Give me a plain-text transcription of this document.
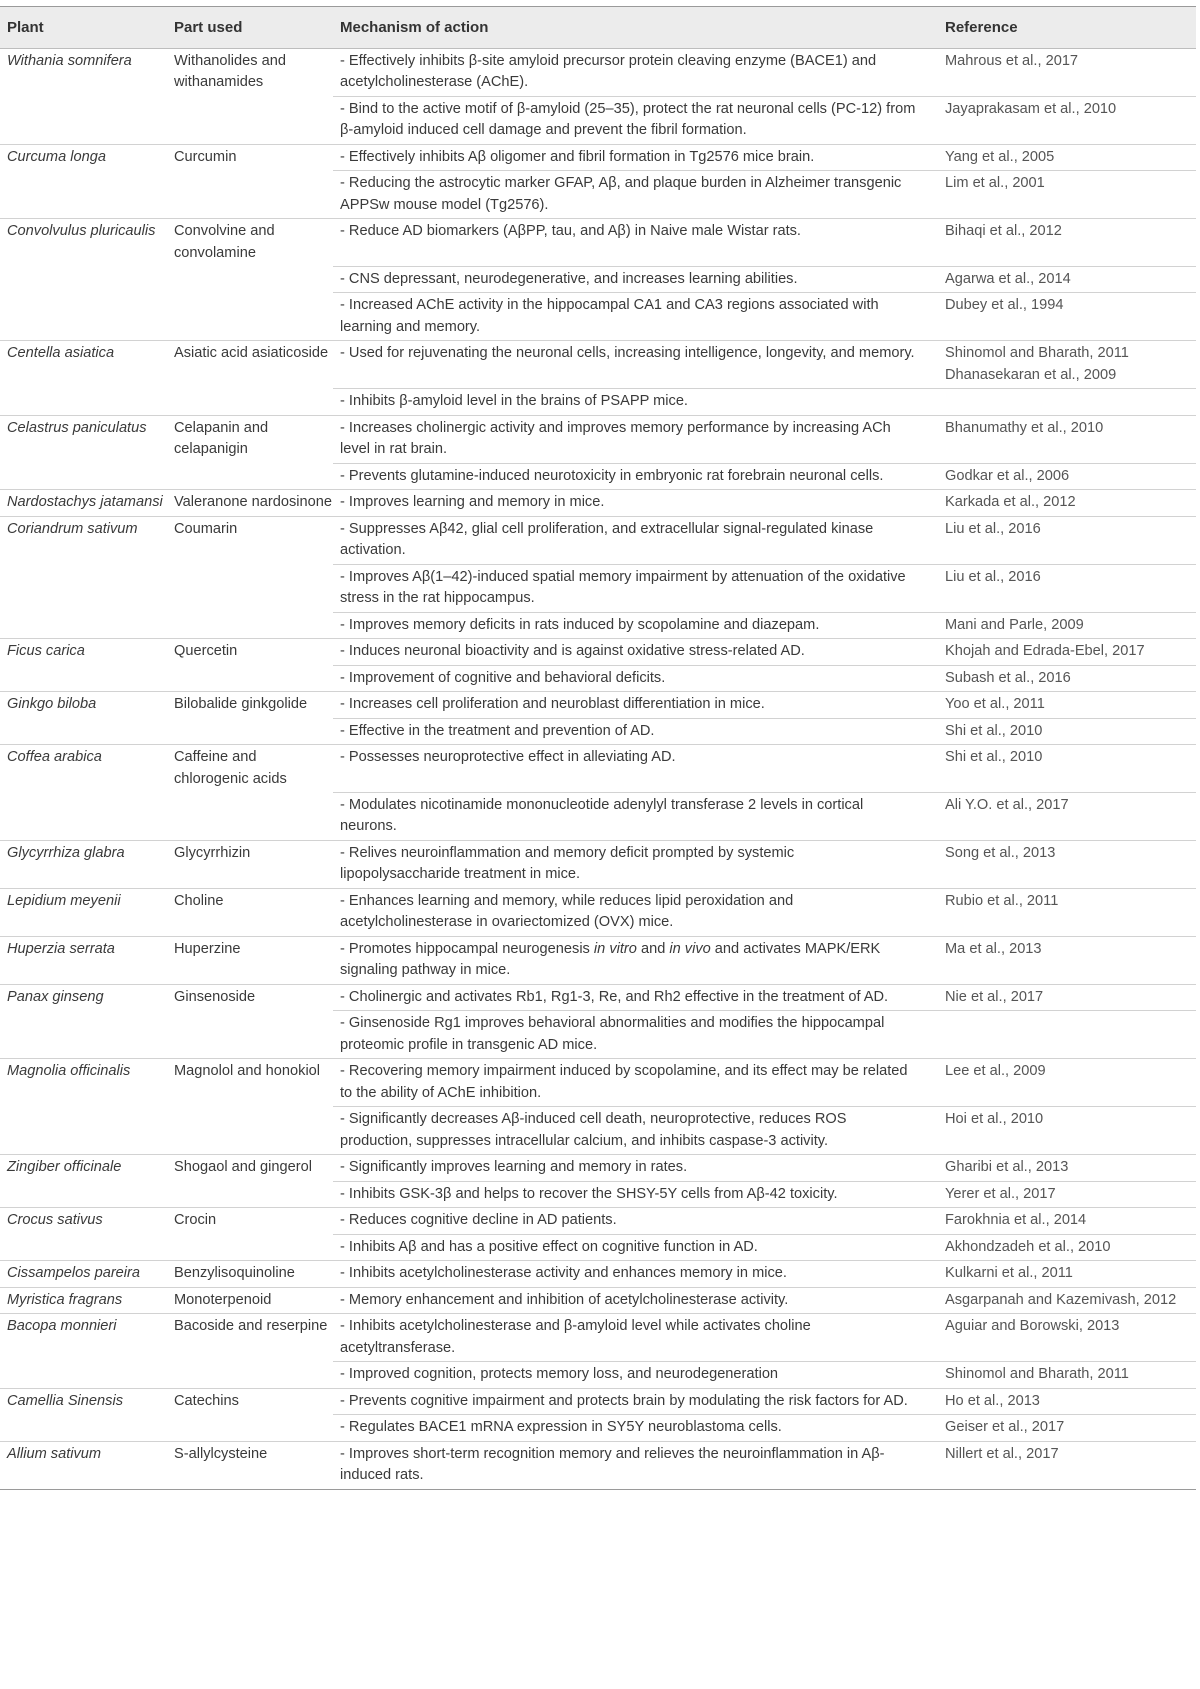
Plant	Part used	Mechanism of action	Reference
Withania somnifera	Withanolides and withanamides	- Effectively inhibits β-site amyloid precursor protein cleaving enzyme (BACE1) and acetylcholinesterase (AChE).	Mahrous et al., 2017
		- Bind to the active motif of β-amyloid (25–35), protect the rat neuronal cells (PC-12) from β-amyloid induced cell damage and prevent the fibril formation.	Jayaprakasam et al., 2010
Curcuma longa	Curcumin	- Effectively inhibits Aβ oligomer and fibril formation in Tg2576 mice brain.	Yang et al., 2005
		- Reducing the astrocytic marker GFAP, Aβ, and plaque burden in Alzheimer transgenic APPSw mouse model (Tg2576).	Lim et al., 2001
Convolvulus pluricaulis	Convolvine and convolamine	- Reduce AD biomarkers (AβPP, tau, and Aβ) in Naive male Wistar rats.	Bihaqi et al., 2012
		- CNS depressant, neurodegenerative, and increases learning abilities.	Agarwa et al., 2014
		- Increased AChE activity in the hippocampal CA1 and CA3 regions associated with learning and memory.	Dubey et al., 1994
Centella asiatica	Asiatic acid asiaticoside	- Used for rejuvenating the neuronal cells, increasing intelligence, longevity, and memory.	Shinomol and Bharath, 2011 Dhanasekaran et al., 2009
		- Inhibits β-amyloid level in the brains of PSAPP mice.	
Celastrus paniculatus	Celapanin and celapanigin	- Increases cholinergic activity and improves memory performance by increasing ACh level in rat brain.	Bhanumathy et al., 2010
		- Prevents glutamine-induced neurotoxicity in embryonic rat forebrain neuronal cells.	Godkar et al., 2006
Nardostachys jatamansi	Valeranone nardosinone	- Improves learning and memory in mice.	Karkada et al., 2012
Coriandrum sativum	Coumarin	- Suppresses Aβ42, glial cell proliferation, and extracellular signal-regulated kinase activation.	Liu et al., 2016
		- Improves Aβ(1–42)-induced spatial memory impairment by attenuation of the oxidative stress in the rat hippocampus.	Liu et al., 2016
		- Improves memory deficits in rats induced by scopolamine and diazepam.	Mani and Parle, 2009
Ficus carica	Quercetin	- Induces neuronal bioactivity and is against oxidative stress-related AD.	Khojah and Edrada-Ebel, 2017
		- Improvement of cognitive and behavioral deficits.	Subash et al., 2016
Ginkgo biloba	Bilobalide ginkgolide	- Increases cell proliferation and neuroblast differentiation in mice.	Yoo et al., 2011
		- Effective in the treatment and prevention of AD.	Shi et al., 2010
Coffea arabica	Caffeine and chlorogenic acids	- Possesses neuroprotective effect in alleviating AD.	Shi et al., 2010
		- Modulates nicotinamide mononucleotide adenylyl transferase 2 levels in cortical neurons.	Ali Y.O. et al., 2017
Glycyrrhiza glabra	Glycyrrhizin	- Relives neuroinflammation and memory deficit prompted by systemic lipopolysaccharide treatment in mice.	Song et al., 2013
Lepidium meyenii	Choline	- Enhances learning and memory, while reduces lipid peroxidation and acetylcholinesterase in ovariectomized (OVX) mice.	Rubio et al., 2011
Huperzia serrata	Huperzine	- Promotes hippocampal neurogenesis in vitro and in vivo and activates MAPK/ERK signaling pathway in mice.	Ma et al., 2013
Panax ginseng	Ginsenoside	- Cholinergic and activates Rb1, Rg1-3, Re, and Rh2 effective in the treatment of AD.	Nie et al., 2017
		- Ginsenoside Rg1 improves behavioral abnormalities and modifies the hippocampal proteomic profile in transgenic AD mice.	
Magnolia officinalis	Magnolol and honokiol	- Recovering memory impairment induced by scopolamine, and its effect may be related to the ability of AChE inhibition.	Lee et al., 2009
		- Significantly decreases Aβ-induced cell death, neuroprotective, reduces ROS production, suppresses intracellular calcium, and inhibits caspase-3 activity.	Hoi et al., 2010
Zingiber officinale	Shogaol and gingerol	- Significantly improves learning and memory in rates.	Gharibi et al., 2013
		- Inhibits GSK-3β and helps to recover the SHSY-5Y cells from Aβ-42 toxicity.	Yerer et al., 2017
Crocus sativus	Crocin	- Reduces cognitive decline in AD patients.	Farokhnia et al., 2014
		- Inhibits Aβ and has a positive effect on cognitive function in AD.	Akhondzadeh et al., 2010
Cissampelos pareira	Benzylisoquinoline	- Inhibits acetylcholinesterase activity and enhances memory in mice.	Kulkarni et al., 2011
Myristica fragrans	Monoterpenoid	- Memory enhancement and inhibition of acetylcholinesterase activity.	Asgarpanah and Kazemivash, 2012
Bacopa monnieri	Bacoside and reserpine	- Inhibits acetylcholinesterase and β-amyloid level while activates choline acetyltransferase.	Aguiar and Borowski, 2013
		- Improved cognition, protects memory loss, and neurodegeneration	Shinomol and Bharath, 2011
Camellia Sinensis	Catechins	- Prevents cognitive impairment and protects brain by modulating the risk factors for AD.	Ho et al., 2013
		- Regulates BACE1 mRNA expression in SY5Y neuroblastoma cells.	Geiser et al., 2017
Allium sativum	S-allylcysteine	- Improves short-term recognition memory and relieves the neuroinflammation in Aβ-induced rats.	Nillert et al., 2017
